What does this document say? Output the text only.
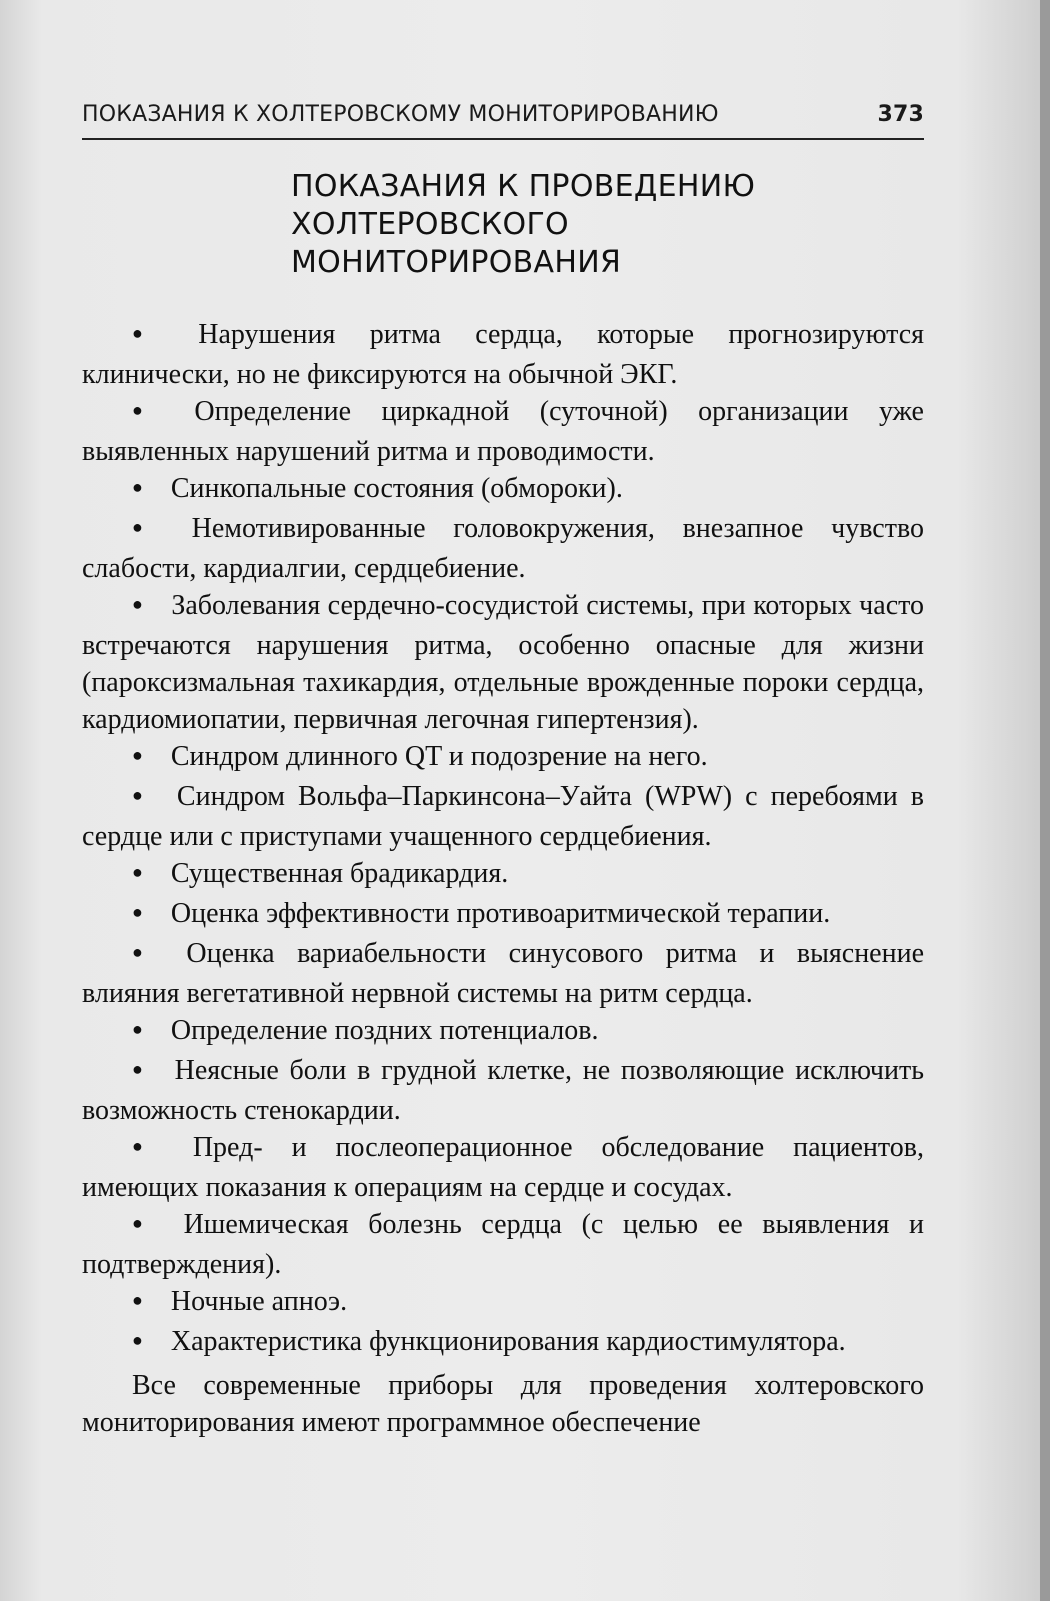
ПОКАЗАНИЯ К ХОЛТЕРОВСКОМУ МОНИТОРИРОВАНИЮ	373
ПОКАЗАНИЯ К ПРОВЕДЕНИЮ
ХОЛТЕРОВСКОГО
МОНИТОРИРОВАНИЯ

● Нарушения ритма сердца, которые прогнозируются клинически, но не фиксируются на обычной ЭКГ.

● Определение циркадной (суточной) организации уже выявленных нарушений ритма и проводимости.

● Синкопальные состояния (обмороки).

● Немотивированные головокружения, внезапное чувство слабости, кардиалгии, сердцебиение.

● Заболевания сердечно-сосудистой системы, при которых часто встречаются нарушения ритма, особенно опасные для жизни (пароксизмальная тахикардия, отдельные врожденные пороки сердца, кардиомиопатии, первичная легочная гипертензия).

● Синдром длинного QT и подозрение на него.

● Синдром Вольфа–Паркинсона–Уайта (WPW) с перебоями в сердце или с приступами учащенного сердцебиения.

● Существенная брадикардия.

● Оценка эффективности противоаритмической терапии.

● Оценка вариабельности синусового ритма и выяснение влияния вегетативной нервной системы на ритм сердца.

● Определение поздних потенциалов.

● Неясные боли в грудной клетке, не позволяющие исключить возможность стенокардии.

● Пред- и послеоперационное обследование пациентов, имеющих показания к операциям на сердце и сосудах.

● Ишемическая болезнь сердца (с целью ее выявления и подтверждения).

● Ночные апноэ.

● Характеристика функционирования кардиостимулятора.

Все современные приборы для проведения холтеровского мониторирования имеют программное обеспечение
